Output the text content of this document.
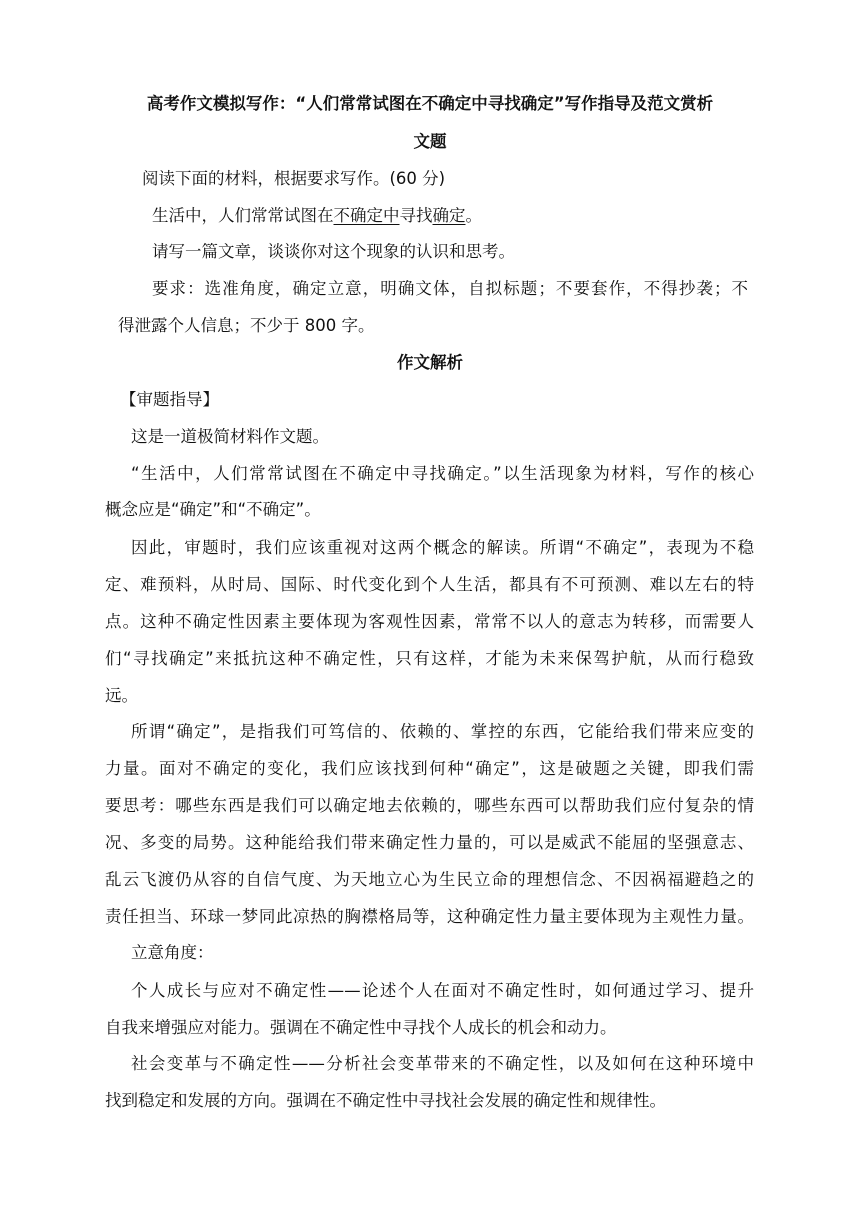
高考作文模拟写作：“人们常常试图在不确定中寻找确定”写作指导及范文赏析

文题

阅读下面的材料，根据要求写作。(60 分)

生活中，人们常常试图在不确定中寻找确定。

请写一篇文章，谈谈你对这个现象的认识和思考。

要求：选准角度，确定立意，明确文体，自拟标题；不要套作，不得抄袭；不

得泄露个人信息；不少于 800 字。

作文解析

【审题指导】

这是一道极简材料作文题。

“生活中，人们常常试图在不确定中寻找确定。”以生活现象为材料，写作的核心

概念应是“确定”和“不确定”。

因此，审题时，我们应该重视对这两个概念的解读。所谓“不确定”，表现为不稳

定、难预料，从时局、国际、时代变化到个人生活，都具有不可预测、难以左右的特

点。这种不确定性因素主要体现为客观性因素，常常不以人的意志为转移，而需要人

们“寻找确定”来抵抗这种不确定性，只有这样，才能为未来保驾护航，从而行稳致

远。

所谓“确定”，是指我们可笃信的、依赖的、掌控的东西，它能给我们带来应变的

力量。面对不确定的变化，我们应该找到何种“确定”，这是破题之关键，即我们需

要思考：哪些东西是我们可以确定地去依赖的，哪些东西可以帮助我们应付复杂的情

况、多变的局势。这种能给我们带来确定性力量的，可以是威武不能屈的坚强意志、

乱云飞渡仍从容的自信气度、为天地立心为生民立命的理想信念、不因祸福避趋之的

责任担当、环球一梦同此凉热的胸襟格局等，这种确定性力量主要体现为主观性力量。

立意角度：

个人成长与应对不确定性——论述个人在面对不确定性时，如何通过学习、提升

自我来增强应对能力。强调在不确定性中寻找个人成长的机会和动力。

社会变革与不确定性——分析社会变革带来的不确定性，以及如何在这种环境中

找到稳定和发展的方向。强调在不确定性中寻找社会发展的确定性和规律性。
